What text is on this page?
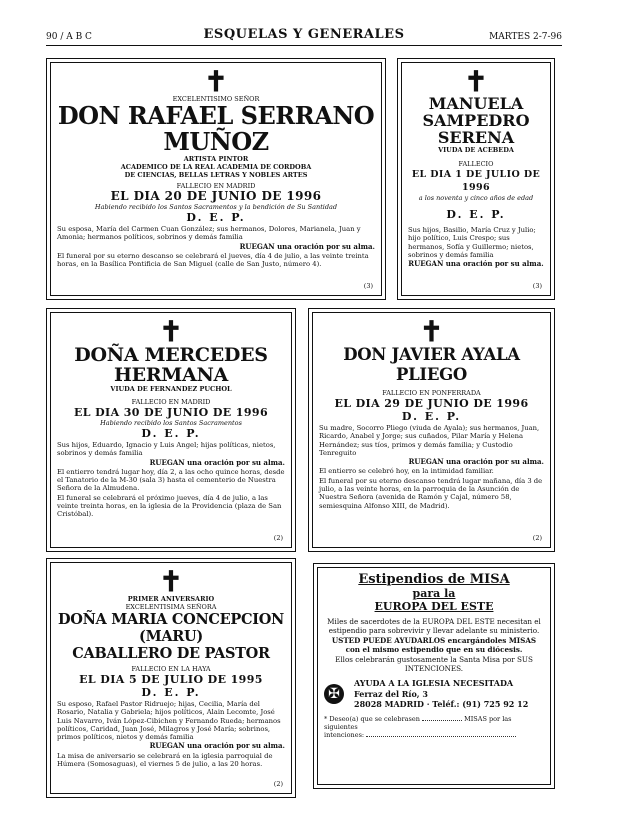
90 / A B C	ESQUELAS Y GENERALES	MARTES 2-7-96
✝
EXCELENTISIMO SEÑOR
DON RAFAEL SERRANO MUÑOZ
ARTISTA PINTOR
ACADEMICO DE LA REAL ACADEMIA DE CORDOBA
DE CIENCIAS, BELLAS LETRAS Y NOBLES ARTES
FALLECIO EN MADRID
EL DIA 20 DE JUNIO DE 1996
Habiendo recibido los Santos Sacramentos y la bendición de Su Santidad
D. E. P.

Su esposa, María del Carmen Cuan González; sus hermanos, Dolores, Marianela, Juan y Amonia; hermanos políticos, sobrinos y demás familia

RUEGAN una oración por su alma.

El funeral por su eterno descanso se celebrará el jueves, día 4 de julio, a las veinte treinta horas, en la Basílica Pontificia de San Miguel (calle de San Justo, número 4).

(3)
✝
MANUELA SAMPEDRO
SERENA
VIUDA DE ACEBEDA
FALLECIO
EL DIA 1 DE JULIO DE 1996
a los noventa y cinco años de edad
D. E. P.

Sus hijos, Basilio, María Cruz y Julio; hijo político, Luis Crespo; sus hermanos, Sofía y Guillermo; nietos, sobrinos y demás familia

RUEGAN una oración por su alma.
(3)
✝
DOÑA MERCEDES HERMANA
VIUDA DE FERNANDEZ PUCHOL
FALLECIO EN MADRID
EL DIA 30 DE JUNIO DE 1996
Habiendo recibido los Santos Sacramentos
D. E. P.

Sus hijos, Eduardo, Ignacio y Luis Angel; hijas políticas, nietos, sobrinos y demás familia

RUEGAN una oración por su alma.

El entierro tendrá lugar hoy, día 2, a las ocho quince horas, desde el Tanatorio de la M-30 (sala 3) hasta el cementerio de Nuestra Señora de la Almudena.

El funeral se celebrará el próximo jueves, día 4 de julio, a las veinte treinta horas, en la iglesia de la Providencia (plaza de San Cristóbal).

(2)
✝
DON JAVIER AYALA PLIEGO
FALLECIO EN PONFERRADA
EL DIA 29 DE JUNIO DE 1996
D. E. P.

Su madre, Socorro Pliego (viuda de Ayala); sus hermanos, Juan, Ricardo, Anabel y Jorge; sus cuñados, Pilar María y Helena Hernández; sus tíos, primos y demás familia; y Custodio Tenreguito

RUEGAN una oración por su alma.

El entierro se celebró hoy, en la intimidad familiar.

El funeral por su eterno descanso tendrá lugar mañana, día 3 de julio, a las veinte horas, en la parroquia de la Asunción de Nuestra Señora (avenida de Ramón y Cajal, número 58, semiesquina Alfonso XIII, de Madrid).

(2)
✝
PRIMER ANIVERSARIO
EXCELENTISIMA SEÑORA
DOÑA MARIA CONCEPCION (MARU)
CABALLERO DE PASTOR
FALLECIO EN LA HAYA
EL DIA 5 DE JULIO DE 1995
D. E. P.

Su esposo, Rafael Pastor Ridruejo; hijas, Cecilia, María del Rosario, Natalia y Gabriela; hijos políticos, Alain Lecomte, José Luis Navarro, Iván López-Cibichen y Fernando Rueda; hermanos políticos, Caridad, Juan José, Milagros y José María; sobrinos, primos políticos, nietos y demás familia

RUEGAN una oración por su alma.

La misa de aniversario se celebrará en la iglesia parroquial de Húmera (Somosaguas), el viernes 5 de julio, a las 20 horas.

(2)
Estipendios de MISA
para la
EUROPA DEL ESTE

Miles de sacerdotes de la EUROPA DEL ESTE necesitan el estipendio para sobrevivir y llevar adelante su ministerio.

USTED PUEDE AYUDARLOS encargándoles MISAS con el mismo estipendio que en su diócesis.

Ellos celebrarán gustosamente la Santa Misa por SUS INTENCIONES.

✠
AYUDA A LA IGLESIA NECESITADA
Ferraz del Río, 3
28028 MADRID · Teléf.: (91) 725 92 12
* Deseo(a) que se celebrasen	MISAS por las siguientes
intenciones:
